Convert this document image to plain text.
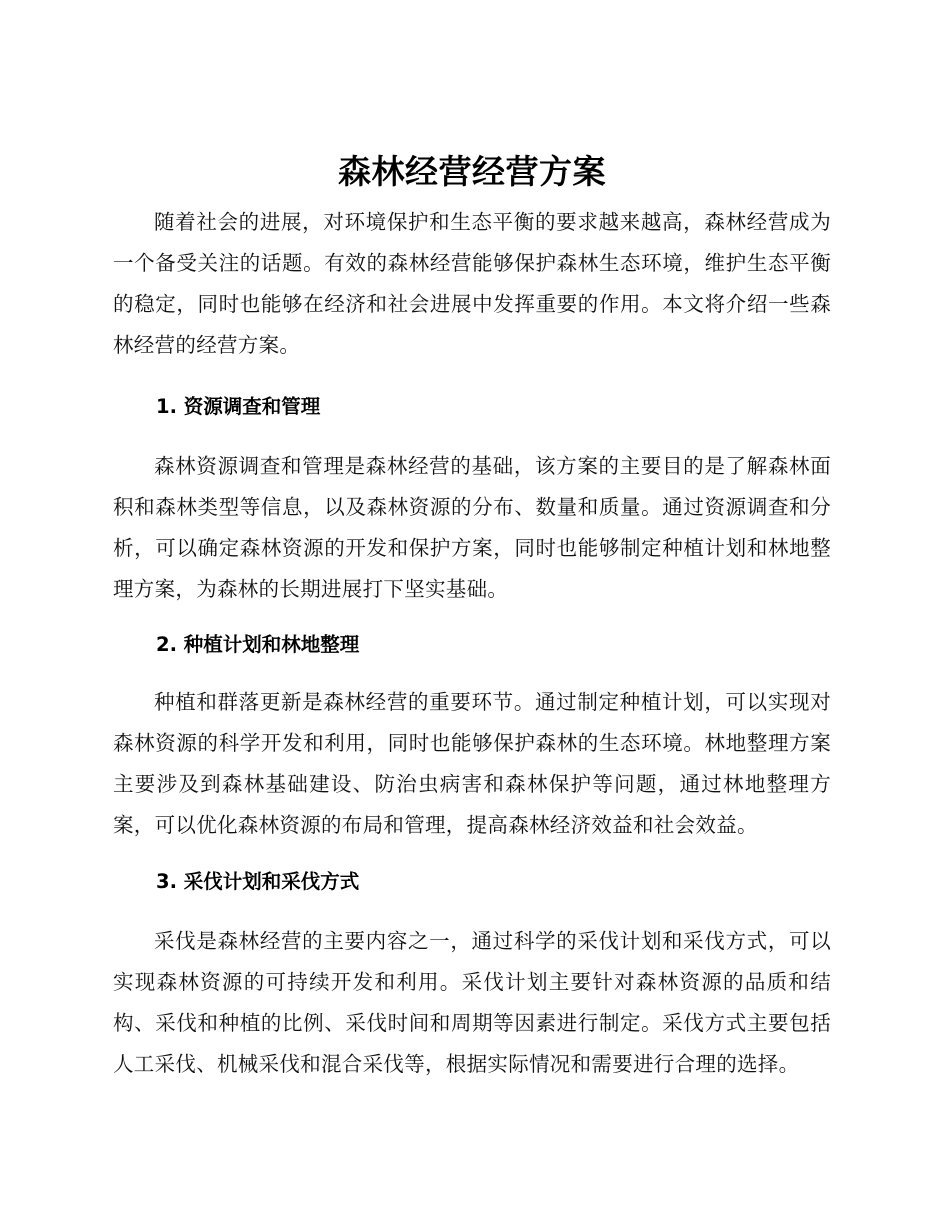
森林经营经营方案

随着社会的进展，对环境保护和生态平衡的要求越来越高，森林经营成为一个备受关注的话题。有效的森林经营能够保护森林生态环境，维护生态平衡的稳定，同时也能够在经济和社会进展中发挥重要的作用。本文将介绍一些森林经营的经营方案。

1. 资源调查和管理

森林资源调查和管理是森林经营的基础，该方案的主要目的是了解森林面积和森林类型等信息，以及森林资源的分布、数量和质量。通过资源调查和分析，可以确定森林资源的开发和保护方案，同时也能够制定种植计划和林地整理方案，为森林的长期进展打下坚实基础。

2. 种植计划和林地整理

种植和群落更新是森林经营的重要环节。通过制定种植计划，可以实现对森林资源的科学开发和利用，同时也能够保护森林的生态环境。林地整理方案主要涉及到森林基础建设、防治虫病害和森林保护等问题，通过林地整理方案，可以优化森林资源的布局和管理，提高森林经济效益和社会效益。

3. 采伐计划和采伐方式

采伐是森林经营的主要内容之一，通过科学的采伐计划和采伐方式，可以实现森林资源的可持续开发和利用。采伐计划主要针对森林资源的品质和结构、采伐和种植的比例、采伐时间和周期等因素进行制定。采伐方式主要包括人工采伐、机械采伐和混合采伐等，根据实际情况和需要进行合理的选择。
